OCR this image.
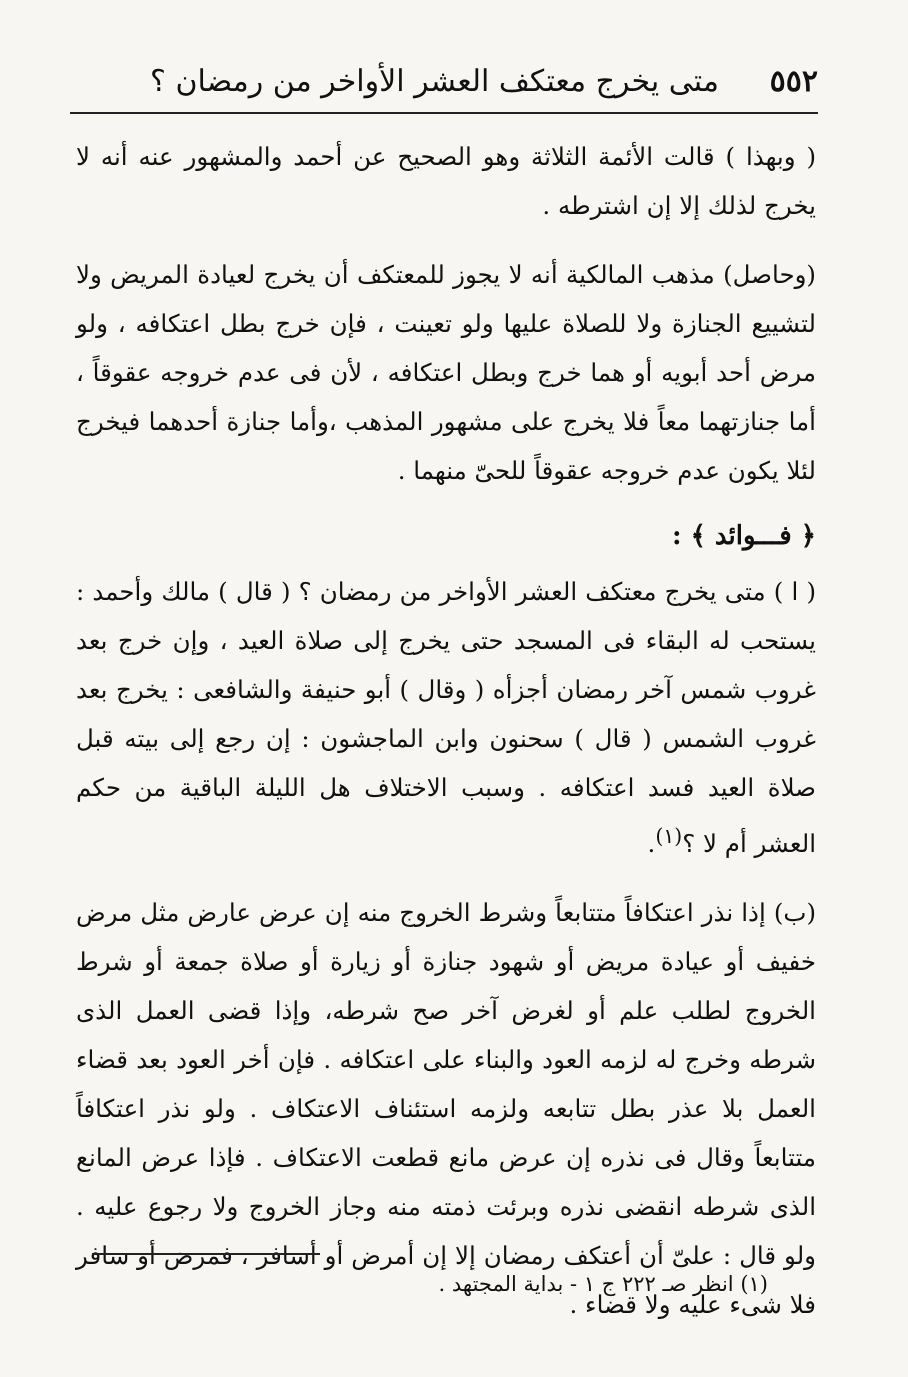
٥٥٢
متى يخرج معتكف العشر الأواخر من رمضان ؟

( وبهذا ) قالت الأئمة الثلاثة وهو الصحيح عن أحمد والمشهور عنه أنه لا يخرج لذلك إلا إن اشترطه .

(وحاصل) مذهب المالكية أنه لا يجوز للمعتكف أن يخرج لعيادة المريض ولا لتشييع الجنازة ولا للصلاة عليها ولو تعينت ، فإن خرج بطل اعتكافه ، ولو مرض أحد أبويه أو هما خرج وبطل اعتكافه ، لأن فى عدم خروجه عقوقاً ، أما جنازتهما معاً فلا يخرج على مشهور المذهب ،وأما جنازة أحدهما فيخرج لئلا يكون عدم خروجه عقوقاً للحىّ منهما .

﴿ فـــوائد ﴾ :

( ا ) متى يخرج معتكف العشر الأواخر من رمضان ؟ ( قال ) مالك وأحمد : يستحب له البقاء فى المسجد حتى يخرج إلى صلاة العيد ، وإن خرج بعد غروب شمس آخر رمضان أجزأه ( وقال ) أبو حنيفة والشافعى : يخرج بعد غروب الشمس ( قال ) سحنون وابن الماجشون : إن رجع إلى بيته قبل صلاة العيد فسد اعتكافه . وسبب الاختلاف هل الليلة الباقية من حكم العشر أم لا ؟$^{(١)}$.

(ب) إذا نذر اعتكافاً متتابعاً وشرط الخروج منه إن عرض عارض مثل مرض خفيف أو عيادة مريض أو شهود جنازة أو زيارة أو صلاة جمعة أو شرط الخروج لطلب علم أو لغرض آخر صح شرطه، وإذا قضى العمل الذى شرطه وخرج له لزمه العود والبناء على اعتكافه . فإن أخر العود بعد قضاء العمل بلا عذر بطل تتابعه ولزمه استئناف الاعتكاف . ولو نذر اعتكافاً متتابعاً وقال فى نذره إن عرض مانع قطعت الاعتكاف . فإذا عرض المانع الذى شرطه انقضى نذره وبرئت ذمته منه وجاز الخروج ولا رجوع عليه . ولو قال : علىّ أن أعتكف رمضان إلا إن أمرض أو أسافر ، فمرض أو سافر فلا شىء عليه ولا قضاء .

(١) انظر صـ ٢٢٢ ج ١ - بداية المجتهد .
